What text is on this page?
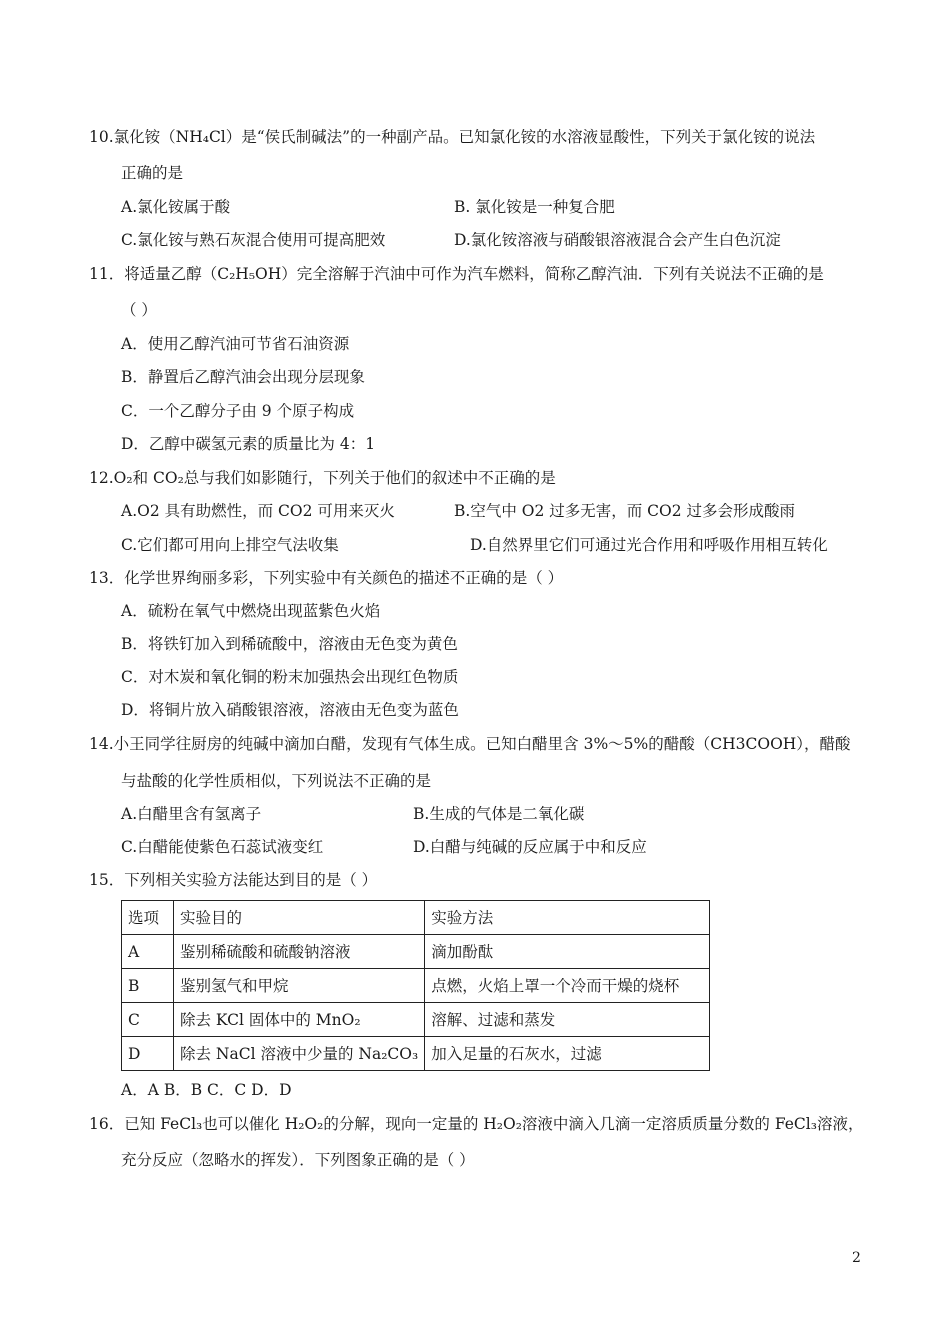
10.氯化铵（NH₄Cl）是“侯氏制碱法”的一种副产品。已知氯化铵的水溶液显酸性，下列关于氯化铵的说法
正确的是
A.氯化铵属于酸	B. 氯化铵是一种复合肥
C.氯化铵与熟石灰混合使用可提高肥效	D.氯化铵溶液与硝酸银溶液混合会产生白色沉淀
11．将适量乙醇（C₂H₅OH）完全溶解于汽油中可作为汽车燃料，简称乙醇汽油．下列有关说法不正确的是
（ ）
A．使用乙醇汽油可节省石油资源
B．静置后乙醇汽油会出现分层现象
C．一个乙醇分子由 9 个原子构成
D．乙醇中碳氢元素的质量比为 4：1
12.O₂和 CO₂总与我们如影随行，下列关于他们的叙述中不正确的是
A.O2 具有助燃性，而 CO2 可用来灭火	B.空气中 O2 过多无害，而 CO2 过多会形成酸雨
C.它们都可用向上排空气法收集	D.自然界里它们可通过光合作用和呼吸作用相互转化
13．化学世界绚丽多彩，下列实验中有关颜色的描述不正确的是（ ）
A．硫粉在氧气中燃烧出现蓝紫色火焰
B．将铁钉加入到稀硫酸中，溶液由无色变为黄色
C．对木炭和氧化铜的粉末加强热会出现红色物质
D．将铜片放入硝酸银溶液，溶液由无色变为蓝色
14.小王同学往厨房的纯碱中滴加白醋，发现有气体生成。已知白醋里含 3%～5%的醋酸（CH3COOH），醋酸
与盐酸的化学性质相似，下列说法不正确的是
A.白醋里含有氢离子	B.生成的气体是二氧化碳
C.白醋能使紫色石蕊试液变红	D.白醋与纯碱的反应属于中和反应
15．下列相关实验方法能达到目的是（ ）
选项	实验目的	实验方法
A	鉴别稀硫酸和硫酸钠溶液	滴加酚酞
B	鉴别氢气和甲烷	点燃，火焰上罩一个冷而干燥的烧杯
C	除去 KCl 固体中的 MnO₂	溶解、过滤和蒸发
D	除去 NaCl 溶液中少量的 Na₂CO₃	加入足量的石灰水，过滤
A．A B．B C．C D．D
16．已知 FeCl₃也可以催化 H₂O₂的分解，现向一定量的 H₂O₂溶液中滴入几滴一定溶质质量分数的 FeCl₃溶液，
充分反应（忽略水的挥发）．下列图象正确的是（ ）
2
